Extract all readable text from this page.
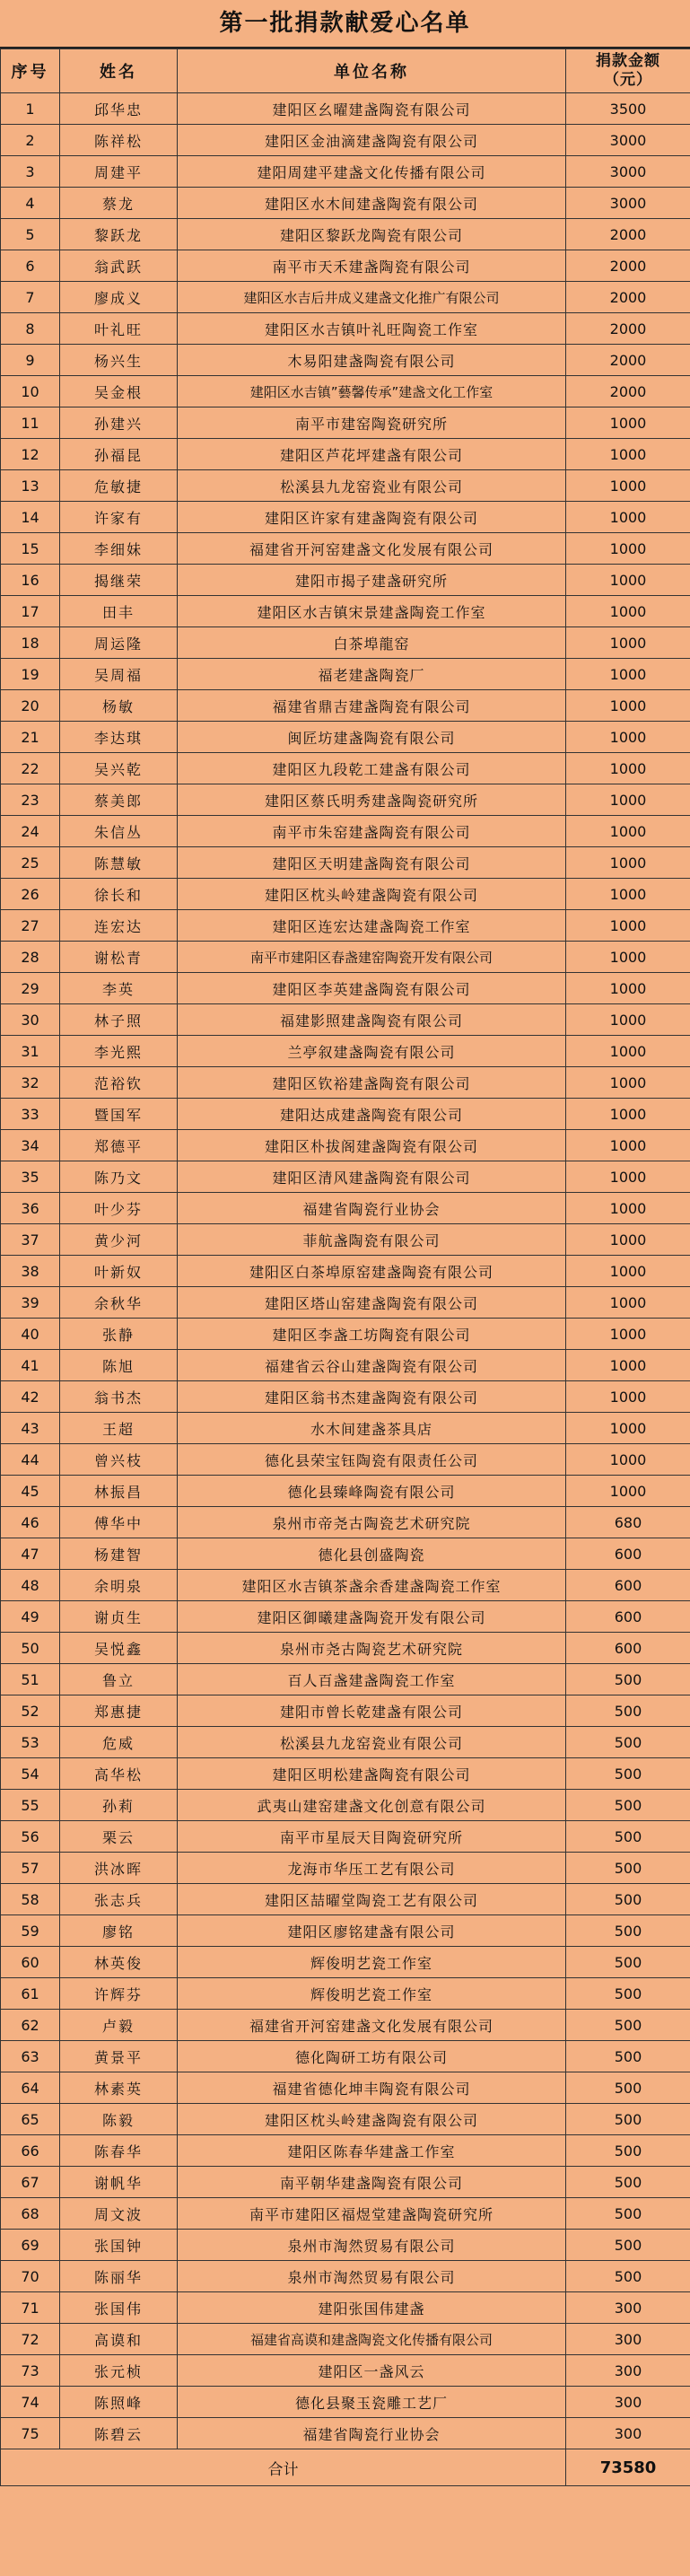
第一批捐款献爱心名单
序号	姓名	单位名称	捐款金额
（元）
1	邱华忠	建阳区幺曜建盏陶瓷有限公司	3500
2	陈祥松	建阳区金油滴建盏陶瓷有限公司	3000
3	周建平	建阳周建平建盏文化传播有限公司	3000
4	蔡龙	建阳区水木间建盏陶瓷有限公司	3000
5	黎跃龙	建阳区黎跃龙陶瓷有限公司	2000
6	翁武跃	南平市天禾建盏陶瓷有限公司	2000
7	廖成义	建阳区水吉后井成义建盏文化推广有限公司	2000
8	叶礼旺	建阳区水吉镇叶礼旺陶瓷工作室	2000
9	杨兴生	木易阳建盏陶瓷有限公司	2000
10	吴金根	建阳区水吉镇”藝馨传承”建盏文化工作室	2000
11	孙建兴	南平市建窑陶瓷研究所	1000
12	孙福昆	建阳区芦花坪建盏有限公司	1000
13	危敏捷	松溪县九龙窑瓷业有限公司	1000
14	许家有	建阳区许家有建盏陶瓷有限公司	1000
15	李细妹	福建省开河窑建盏文化发展有限公司	1000
16	揭继荣	建阳市揭子建盏研究所	1000
17	田丰	建阳区水吉镇宋景建盏陶瓷工作室	1000
18	周运隆	白茶埠龍窑	1000
19	吴周福	福老建盏陶瓷厂	1000
20	杨敏	福建省鼎吉建盏陶瓷有限公司	1000
21	李达琪	闽匠坊建盏陶瓷有限公司	1000
22	吴兴乾	建阳区九段乾工建盏有限公司	1000
23	蔡美郎	建阳区蔡氏明秀建盏陶瓷研究所	1000
24	朱信丛	南平市朱窑建盏陶瓷有限公司	1000
25	陈慧敏	建阳区天明建盏陶瓷有限公司	1000
26	徐长和	建阳区枕头岭建盏陶瓷有限公司	1000
27	连宏达	建阳区连宏达建盏陶瓷工作室	1000
28	谢松青	南平市建阳区春盏建窑陶瓷开发有限公司	1000
29	李英	建阳区李英建盏陶瓷有限公司	1000
30	林子照	福建影照建盏陶瓷有限公司	1000
31	李光熙	兰亭叙建盏陶瓷有限公司	1000
32	范裕钦	建阳区钦裕建盏陶瓷有限公司	1000
33	暨国军	建阳达成建盏陶瓷有限公司	1000
34	郑德平	建阳区朴拔阁建盏陶瓷有限公司	1000
35	陈乃文	建阳区清风建盏陶瓷有限公司	1000
36	叶少芬	福建省陶瓷行业协会	1000
37	黄少河	菲航盏陶瓷有限公司	1000
38	叶新奴	建阳区白茶埠原窑建盏陶瓷有限公司	1000
39	余秋华	建阳区塔山窑建盏陶瓷有限公司	1000
40	张静	建阳区李盏工坊陶瓷有限公司	1000
41	陈旭	福建省云谷山建盏陶瓷有限公司	1000
42	翁书杰	建阳区翁书杰建盏陶瓷有限公司	1000
43	王超	水木间建盏茶具店	1000
44	曾兴枝	德化县荣宝钰陶瓷有限责任公司	1000
45	林振昌	德化县臻峰陶瓷有限公司	1000
46	傅华中	泉州市帝尧古陶瓷艺术研究院	680
47	杨建智	德化县创盛陶瓷	600
48	余明泉	建阳区水吉镇茶盏余香建盏陶瓷工作室	600
49	谢贞生	建阳区御曦建盏陶瓷开发有限公司	600
50	吴悦鑫	泉州市尧古陶瓷艺术研究院	600
51	鲁立	百人百盏建盏陶瓷工作室	500
52	郑惠捷	建阳市曾长乾建盏有限公司	500
53	危威	松溪县九龙窑瓷业有限公司	500
54	高华松	建阳区明松建盏陶瓷有限公司	500
55	孙莉	武夷山建窑建盏文化创意有限公司	500
56	栗云	南平市星辰天目陶瓷研究所	500
57	洪冰晖	龙海市华压工艺有限公司	500
58	张志兵	建阳区喆曜堂陶瓷工艺有限公司	500
59	廖铭	建阳区廖铭建盏有限公司	500
60	林英俊	辉俊明艺瓷工作室	500
61	许辉芬	辉俊明艺瓷工作室	500
62	卢毅	福建省开河窑建盏文化发展有限公司	500
63	黄景平	德化陶研工坊有限公司	500
64	林素英	福建省德化坤丰陶瓷有限公司	500
65	陈毅	建阳区枕头岭建盏陶瓷有限公司	500
66	陈春华	建阳区陈春华建盏工作室	500
67	谢帆华	南平朝华建盏陶瓷有限公司	500
68	周文波	南平市建阳区福煜堂建盏陶瓷研究所	500
69	张国钟	泉州市淘然贸易有限公司	500
70	陈丽华	泉州市淘然贸易有限公司	500
71	张国伟	建阳张国伟建盏	300
72	高谟和	福建省高谟和建盏陶瓷文化传播有限公司	300
73	张元桢	建阳区一盏风云	300
74	陈照峰	德化县聚玉瓷雕工艺厂	300
75	陈碧云	福建省陶瓷行业协会	300
合计			73580
